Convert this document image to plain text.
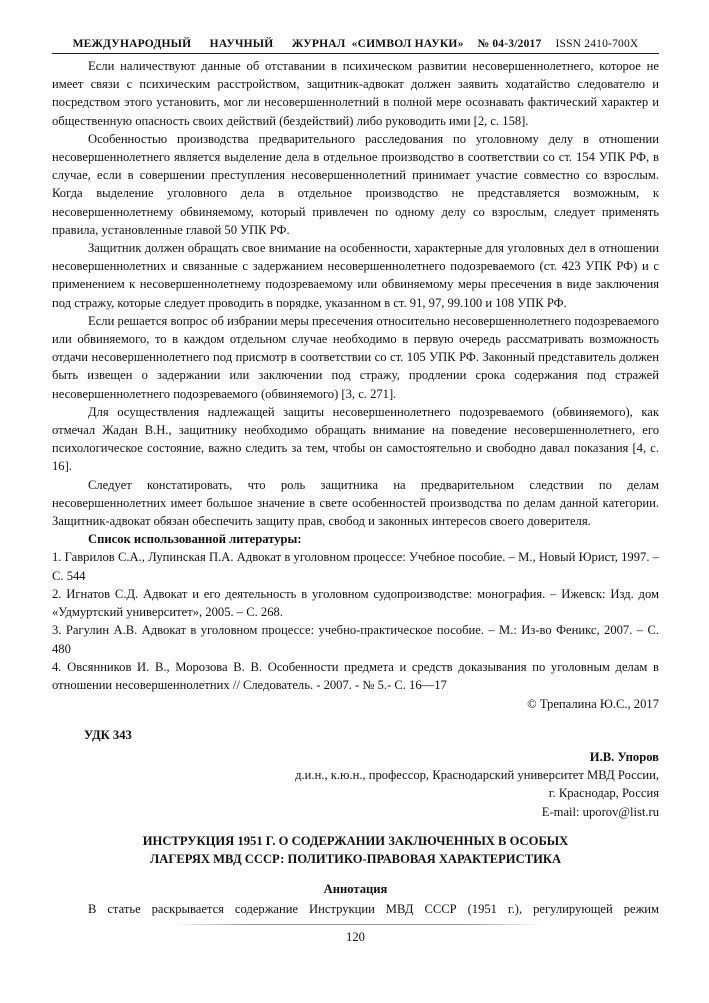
МЕЖДУНАРОДНЫЙ      НАУЧНЫЙ      ЖУРНАЛ  «СИМВОЛ НАУКИ» № 04-3/2017 ISSN 2410-700Х

Если наличествуют данные об отставании в психическом развитии несовершеннолетнего, которое не имеет связи с психическим расстройством, защитник-адвокат должен заявить ходатайство следователю и посредством этого установить, мог ли несовершеннолетний в полной мере осознавать фактический характер и общественную опасность своих действий (бездействий) либо руководить ими [2, с. 158].

Особенностью производства предварительного расследования по уголовному делу в отношении несовершеннолетнего является выделение дела в отдельное производство в соответствии со ст. 154 УПК РФ, в случае, если в совершении преступления несовершеннолетний принимает участие совместно со взрослым. Когда выделение уголовного дела в отдельное производство не представляется возможным, к несовершеннолетнему обвиняемому, который привлечен по одному делу со взрослым, следует применять правила, установленные главой 50 УПК РФ.

Защитник должен обращать свое внимание на особенности, характерные для уголовных дел в отношении несовершеннолетних и связанные с задержанием несовершеннолетнего подозреваемого (ст. 423 УПК РФ) и с применением к несовершеннолетнему подозреваемому или обвиняемому меры пресечения в виде заключения под стражу, которые следует проводить в порядке, указанном в ст. 91, 97, 99.100 и 108 УПК РФ.

Если решается вопрос об избрании меры пресечения относительно несовершеннолетнего подозреваемого или обвиняемого, то в каждом отдельном случае необходимо в первую очередь рассматривать возможность отдачи несовершеннолетнего под присмотр в соответствии со ст. 105 УПК РФ. Законный представитель должен быть извещен о задержании или заключении под стражу, продлении срока содержания под стражей несовершеннолетнего подозреваемого (обвиняемого) [3, с. 271].

Для осуществления надлежащей защиты несовершеннолетнего подозреваемого (обвиняемого), как отмечал Жадан В.Н., защитнику необходимо обращать внимание на поведение несовершеннолетнего, его психологическое состояние, важно следить за тем, чтобы он самостоятельно и свободно давал показания [4, с. 16].

Следует констатировать, что роль защитника на предварительном следствии по делам несовершеннолетних имеет большое значение в свете особенностей производства по делам данной категории. Защитник-адвокат обязан обеспечить защиту прав, свобод и законных интересов своего доверителя.

Список использованной литературы:
1. Гаврилов С.А., Лупинская П.А. Адвокат в уголовном процессе: Учебное пособие. – М., Новый Юрист, 1997. – С. 544
2. Игнатов С.Д. Адвокат и его деятельность в уголовном судопроизводстве: монография. – Ижевск: Изд. дом «Удмуртский университет», 2005. – С. 268.
3. Рагулин А.В. Адвокат в уголовном процессе: учебно-практическое пособие. – М.: Из-во Феникс, 2007. – С. 480
4. Овсянников И. В., Морозова В. В. Особенности предмета и средств доказывания по уголовным делам в отношении несовершеннолетних // Следователь. - 2007. - № 5.- С. 16—17
© Трепалина Ю.С., 2017
УДК 343
И.В. Упоров
д.и.н., к.ю.н., профессор, Краснодарский университет МВД России,
г. Краснодар, Россия
E-mail: uporov@list.ru
ИНСТРУКЦИЯ 1951 Г. О СОДЕРЖАНИИ ЗАКЛЮЧЕННЫХ В ОСОБЫХ
ЛАГЕРЯХ МВД СССР: ПОЛИТИКО-ПРАВОВАЯ ХАРАКТЕРИСТИКА
Аннотация

В статье раскрывается содержание Инструкции МВД СССР (1951 г.), регулирующей режим

120
